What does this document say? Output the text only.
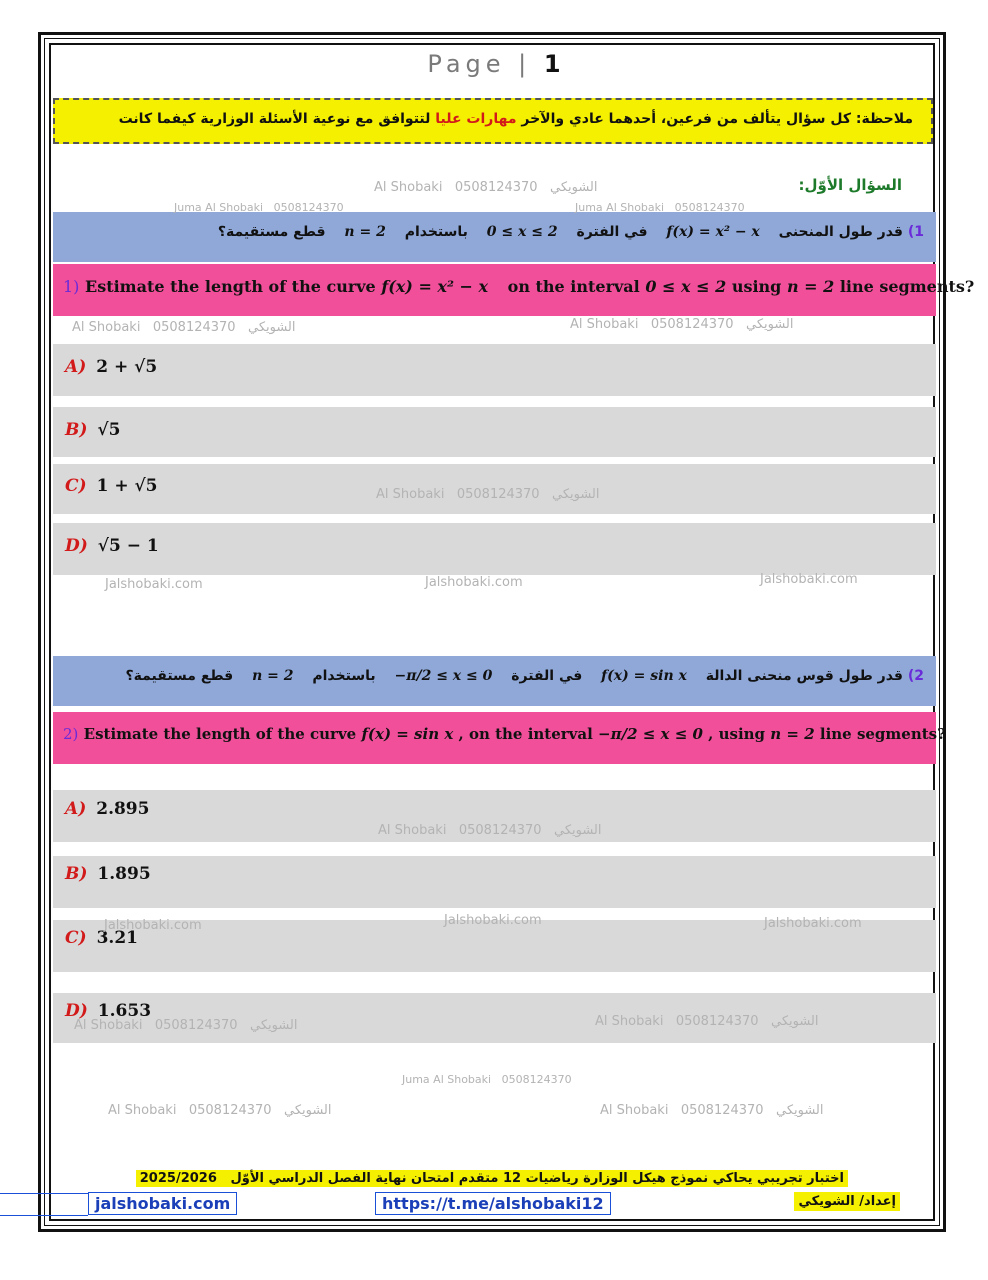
Page | 1
ملاحظة: كل سؤال يتألف من فرعين، أحدهما عادي والآخر مهارات عليا لتتوافق مع نوعية الأسئلة الوزارية كيفما كانت
السؤال الأوّل:
1) قدر طول المنحنى f(x) = x² − x في الفترة 0 ≤ x ≤ 2 باستخدام n = 2 قطع مستقيمة؟
1) Estimate the length of the curve f(x) = x² − x on the interval 0 ≤ x ≤ 2 using n = 2 line segments?
A) 2 + √5
B) √5
C) 1 + √5
D) √5 − 1
2) قدر طول قوس منحنى الدالة f(x) = sin x في الفترة −π/2 ≤ x ≤ 0 باستخدام n = 2 قطع مستقيمة؟
2) Estimate the length of the curve f(x) = sin x , on the interval −π/2 ≤ x ≤ 0 , using n = 2 line segments?
A) 2.895
B) 1.895
C) 3.21
D) 1.653
Al Shobaki 0508124370 الشويكي
Juma Al Shobaki 0508124370	Juma Al Shobaki 0508124370
Al Shobaki 0508124370 الشويكي	Al Shobaki 0508124370 الشويكي
Al Shobaki 0508124370 الشويكي
Jalshobaki.com	Jalshobaki.com	Jalshobaki.com
Al Shobaki 0508124370 الشويكي
Jalshobaki.com	Jalshobaki.com	Jalshobaki.com
Al Shobaki 0508124370 الشويكي	Al Shobaki 0508124370 الشويكي
Juma Al Shobaki 0508124370
Al Shobaki 0508124370 الشويكي	Al Shobaki 0508124370 الشويكي
اختبار تجريبي يحاكي نموذج هيكل الوزارة رياضيات 12 متقدم امتحان نهاية الفصل الدراسي الأوّل   2025/2026
jalshobaki.com	https://t.me/alshobaki12	إعداد/ الشويكي
